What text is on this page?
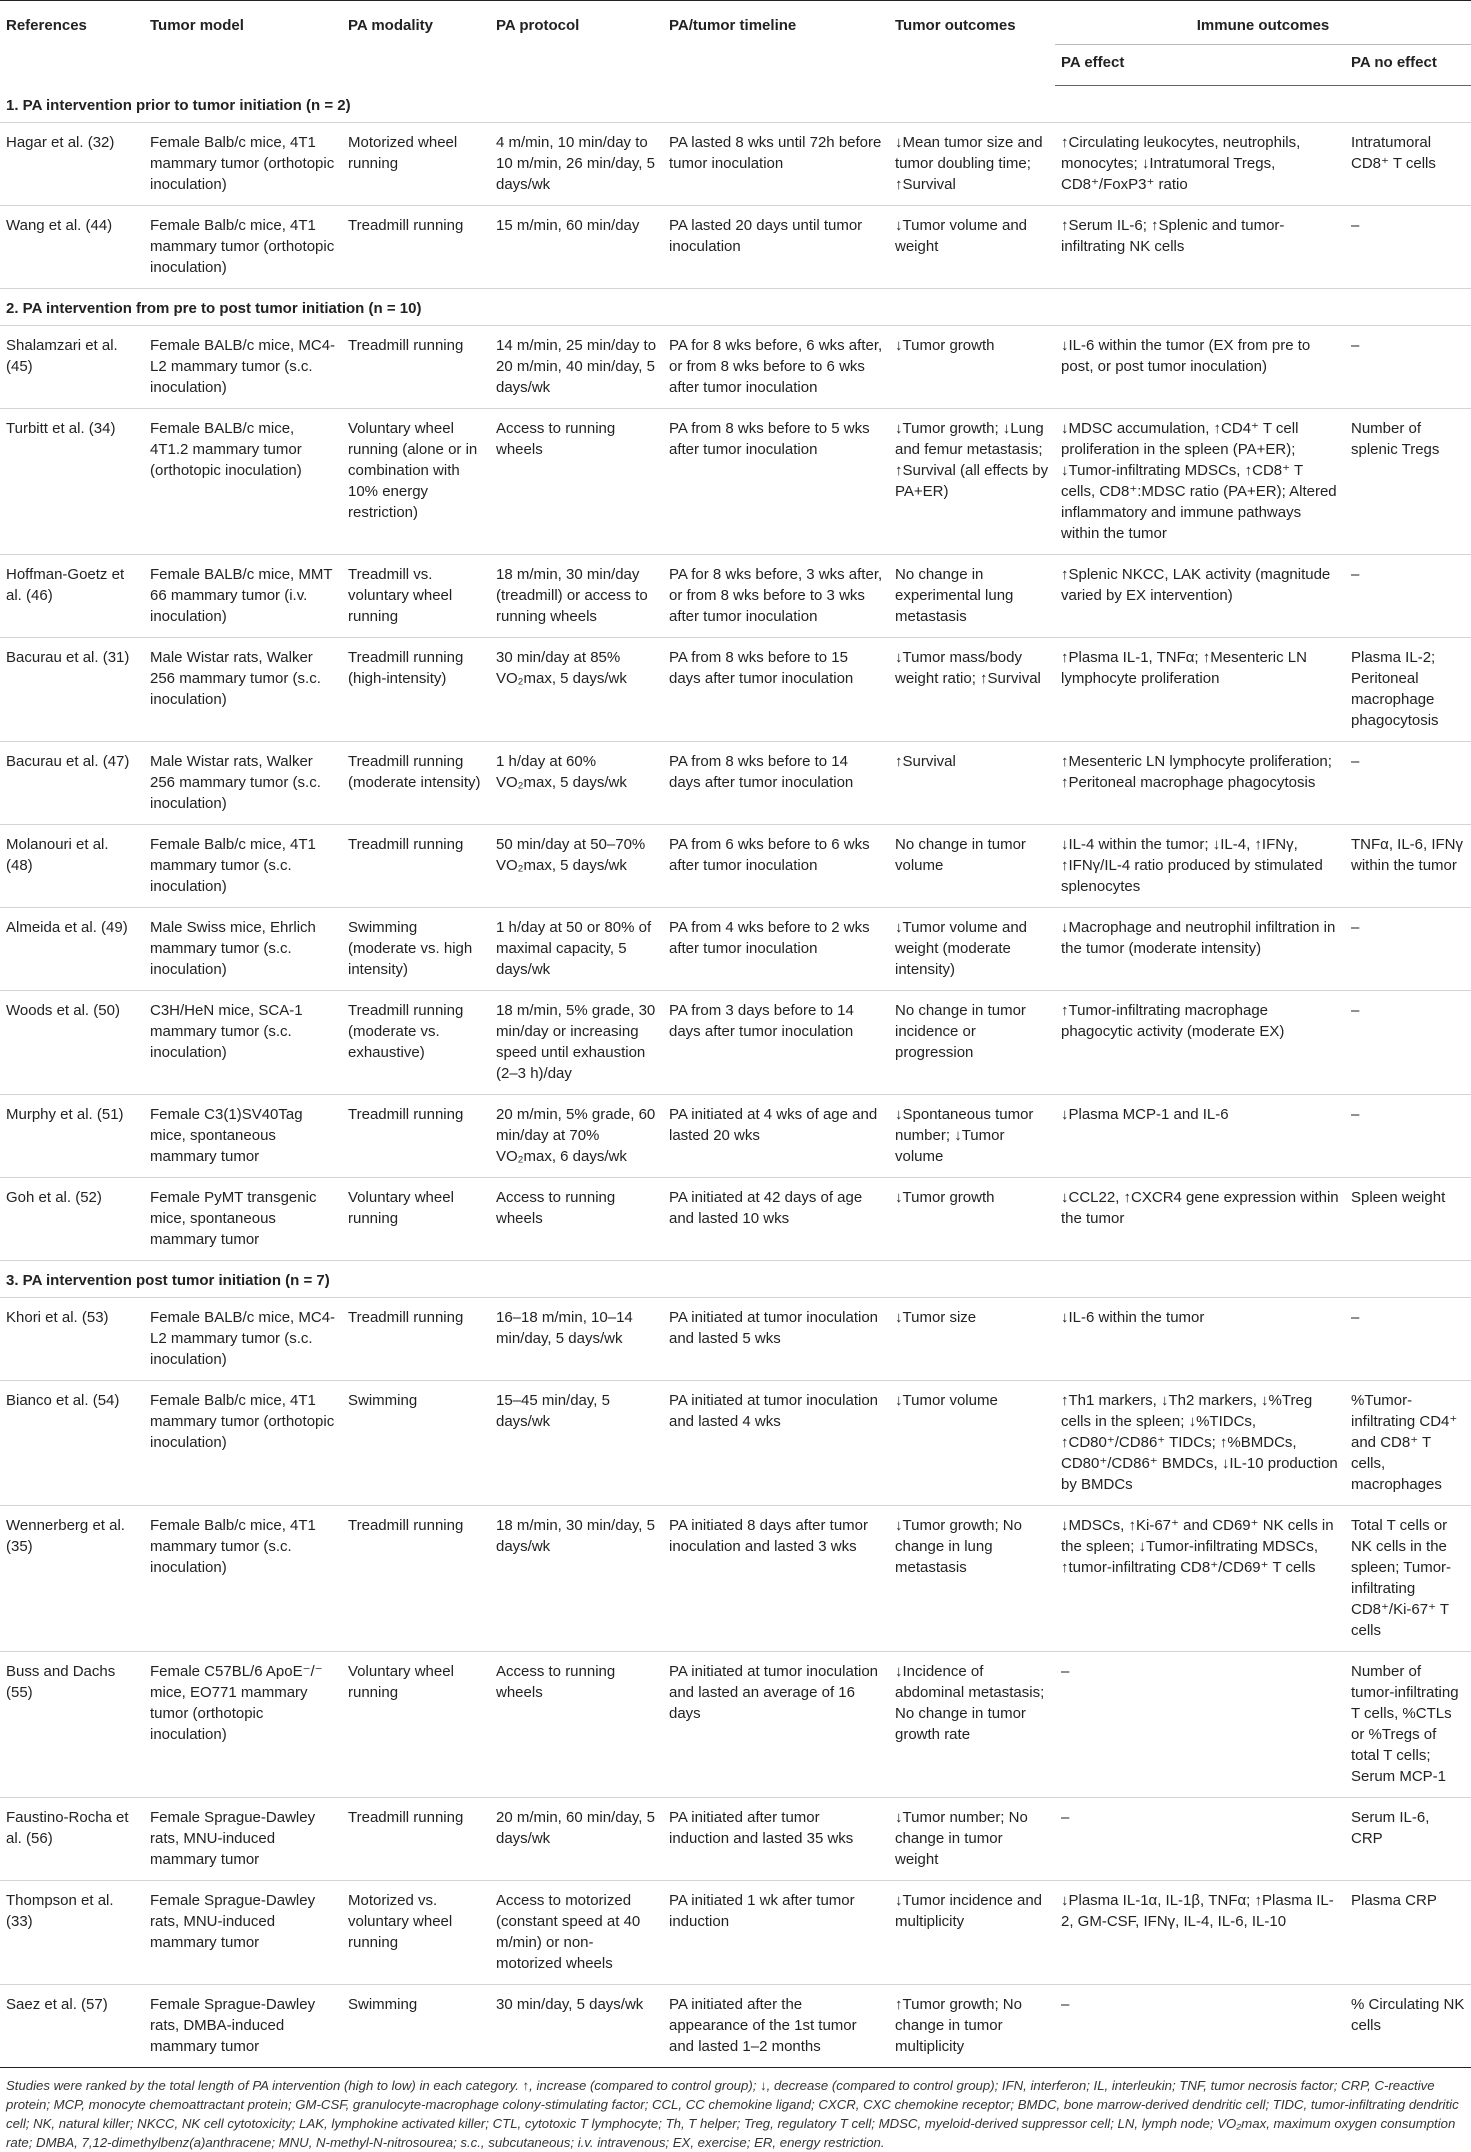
References	Tumor model	PA modality	PA protocol	PA/tumor timeline	Tumor outcomes	Immune outcomes	
						PA effect	PA no effect
1. PA intervention prior to tumor initiation (n = 2)							
Hagar et al. (32)	Female Balb/c mice, 4T1 mammary tumor (orthotopic inoculation)	Motorized wheel running	4 m/min, 10 min/day to 10 m/min, 26 min/day, 5 days/wk	PA lasted 8 wks until 72h before tumor inoculation	↓Mean tumor size and tumor doubling time; ↑Survival	↑Circulating leukocytes, neutrophils, monocytes; ↓Intratumoral Tregs, CD8⁺/FoxP3⁺ ratio	Intratumoral CD8⁺ T cells
Wang et al. (44)	Female Balb/c mice, 4T1 mammary tumor (orthotopic inoculation)	Treadmill running	15 m/min, 60 min/day	PA lasted 20 days until tumor inoculation	↓Tumor volume and weight	↑Serum IL-6; ↑Splenic and tumor-infiltrating NK cells	–
2. PA intervention from pre to post tumor initiation (n = 10)							
Shalamzari et al. (45)	Female BALB/c mice, MC4-L2 mammary tumor (s.c. inoculation)	Treadmill running	14 m/min, 25 min/day to 20 m/min, 40 min/day, 5 days/wk	PA for 8 wks before, 6 wks after, or from 8 wks before to 6 wks after tumor inoculation	↓Tumor growth	↓IL-6 within the tumor (EX from pre to post, or post tumor inoculation)	–
Turbitt et al. (34)	Female BALB/c mice, 4T1.2 mammary tumor (orthotopic inoculation)	Voluntary wheel running (alone or in combination with 10% energy restriction)	Access to running wheels	PA from 8 wks before to 5 wks after tumor inoculation	↓Tumor growth; ↓Lung and femur metastasis; ↑Survival (all effects by PA+ER)	↓MDSC accumulation, ↑CD4⁺ T cell proliferation in the spleen (PA+ER); ↓Tumor-infiltrating MDSCs, ↑CD8⁺ T cells, CD8⁺:MDSC ratio (PA+ER); Altered inflammatory and immune pathways within the tumor	Number of splenic Tregs
Hoffman-Goetz et al. (46)	Female BALB/c mice, MMT 66 mammary tumor (i.v. inoculation)	Treadmill vs. voluntary wheel running	18 m/min, 30 min/day (treadmill) or access to running wheels	PA for 8 wks before, 3 wks after, or from 8 wks before to 3 wks after tumor inoculation	No change in experimental lung metastasis	↑Splenic NKCC, LAK activity (magnitude varied by EX intervention)	–
Bacurau et al. (31)	Male Wistar rats, Walker 256 mammary tumor (s.c. inoculation)	Treadmill running (high-intensity)	30 min/day at 85% VO₂max, 5 days/wk	PA from 8 wks before to 15 days after tumor inoculation	↓Tumor mass/body weight ratio; ↑Survival	↑Plasma IL-1, TNFα; ↑Mesenteric LN lymphocyte proliferation	Plasma IL-2; Peritoneal macrophage phagocytosis
Bacurau et al. (47)	Male Wistar rats, Walker 256 mammary tumor (s.c. inoculation)	Treadmill running (moderate intensity)	1 h/day at 60% VO₂max, 5 days/wk	PA from 8 wks before to 14 days after tumor inoculation	↑Survival	↑Mesenteric LN lymphocyte proliferation; ↑Peritoneal macrophage phagocytosis	–
Molanouri et al. (48)	Female Balb/c mice, 4T1 mammary tumor (s.c. inoculation)	Treadmill running	50 min/day at 50–70% VO₂max, 5 days/wk	PA from 6 wks before to 6 wks after tumor inoculation	No change in tumor volume	↓IL-4 within the tumor; ↓IL-4, ↑IFNγ, ↑IFNγ/IL-4 ratio produced by stimulated splenocytes	TNFα, IL-6, IFNγ within the tumor
Almeida et al. (49)	Male Swiss mice, Ehrlich mammary tumor (s.c. inoculation)	Swimming (moderate vs. high intensity)	1 h/day at 50 or 80% of maximal capacity, 5 days/wk	PA from 4 wks before to 2 wks after tumor inoculation	↓Tumor volume and weight (moderate intensity)	↓Macrophage and neutrophil infiltration in the tumor (moderate intensity)	–
Woods et al. (50)	C3H/HeN mice, SCA-1 mammary tumor (s.c. inoculation)	Treadmill running (moderate vs. exhaustive)	18 m/min, 5% grade, 30 min/day or increasing speed until exhaustion (2–3 h)/day	PA from 3 days before to 14 days after tumor inoculation	No change in tumor incidence or progression	↑Tumor-infiltrating macrophage phagocytic activity (moderate EX)	–
Murphy et al. (51)	Female C3(1)SV40Tag mice, spontaneous mammary tumor	Treadmill running	20 m/min, 5% grade, 60 min/day at 70% VO₂max, 6 days/wk	PA initiated at 4 wks of age and lasted 20 wks	↓Spontaneous tumor number; ↓Tumor volume	↓Plasma MCP-1 and IL-6	–
Goh et al. (52)	Female PyMT transgenic mice, spontaneous mammary tumor	Voluntary wheel running	Access to running wheels	PA initiated at 42 days of age and lasted 10 wks	↓Tumor growth	↓CCL22, ↑CXCR4 gene expression within the tumor	Spleen weight
3. PA intervention post tumor initiation (n = 7)							
Khori et al. (53)	Female BALB/c mice, MC4-L2 mammary tumor (s.c. inoculation)	Treadmill running	16–18 m/min, 10–14 min/day, 5 days/wk	PA initiated at tumor inoculation and lasted 5 wks	↓Tumor size	↓IL-6 within the tumor	–
Bianco et al. (54)	Female Balb/c mice, 4T1 mammary tumor (orthotopic inoculation)	Swimming	15–45 min/day, 5 days/wk	PA initiated at tumor inoculation and lasted 4 wks	↓Tumor volume	↑Th1 markers, ↓Th2 markers, ↓%Treg cells in the spleen; ↓%TIDCs, ↑CD80⁺/CD86⁺ TIDCs; ↑%BMDCs, CD80⁺/CD86⁺ BMDCs, ↓IL-10 production by BMDCs	%Tumor-infiltrating CD4⁺ and CD8⁺ T cells, macrophages
Wennerberg et al. (35)	Female Balb/c mice, 4T1 mammary tumor (s.c. inoculation)	Treadmill running	18 m/min, 30 min/day, 5 days/wk	PA initiated 8 days after tumor inoculation and lasted 3 wks	↓Tumor growth; No change in lung metastasis	↓MDSCs, ↑Ki-67⁺ and CD69⁺ NK cells in the spleen; ↓Tumor-infiltrating MDSCs, ↑tumor-infiltrating CD8⁺/CD69⁺ T cells	Total T cells or NK cells in the spleen; Tumor-infiltrating CD8⁺/Ki-67⁺ T cells
Buss and Dachs (55)	Female C57BL/6 ApoE⁻/⁻ mice, EO771 mammary tumor (orthotopic inoculation)	Voluntary wheel running	Access to running wheels	PA initiated at tumor inoculation and lasted an average of 16 days	↓Incidence of abdominal metastasis; No change in tumor growth rate	–	Number of tumor-infiltrating T cells, %CTLs or %Tregs of total T cells; Serum MCP-1
Faustino-Rocha et al. (56)	Female Sprague-Dawley rats, MNU-induced mammary tumor	Treadmill running	20 m/min, 60 min/day, 5 days/wk	PA initiated after tumor induction and lasted 35 wks	↓Tumor number; No change in tumor weight	–	Serum IL-6, CRP
Thompson et al. (33)	Female Sprague-Dawley rats, MNU-induced mammary tumor	Motorized vs. voluntary wheel running	Access to motorized (constant speed at 40 m/min) or non-motorized wheels	PA initiated 1 wk after tumor induction	↓Tumor incidence and multiplicity	↓Plasma IL-1α, IL-1β, TNFα; ↑Plasma IL-2, GM-CSF, IFNγ, IL-4, IL-6, IL-10	Plasma CRP
Saez et al. (57)	Female Sprague-Dawley rats, DMBA-induced mammary tumor	Swimming	30 min/day, 5 days/wk	PA initiated after the appearance of the 1st tumor and lasted 1–2 months	↑Tumor growth; No change in tumor multiplicity	–	% Circulating NK cells
Studies were ranked by the total length of PA intervention (high to low) in each category. ↑, increase (compared to control group); ↓, decrease (compared to control group); IFN, interferon; IL, interleukin; TNF, tumor necrosis factor; CRP, C-reactive protein; MCP, monocyte chemoattractant protein; GM-CSF, granulocyte-macrophage colony-stimulating factor; CCL, CC chemokine ligand; CXCR, CXC chemokine receptor; BMDC, bone marrow-derived dendritic cell; TIDC, tumor-infiltrating dendritic cell; NK, natural killer; NKCC, NK cell cytotoxicity; LAK, lymphokine activated killer; CTL, cytotoxic T lymphocyte; Th, T helper; Treg, regulatory T cell; MDSC, myeloid-derived suppressor cell; LN, lymph node; VO₂max, maximum oxygen consumption rate; DMBA, 7,12-dimethylbenz(a)anthracene; MNU, N-methyl-N-nitrosourea; s.c., subcutaneous; i.v. intravenous; EX, exercise; ER, energy restriction.
